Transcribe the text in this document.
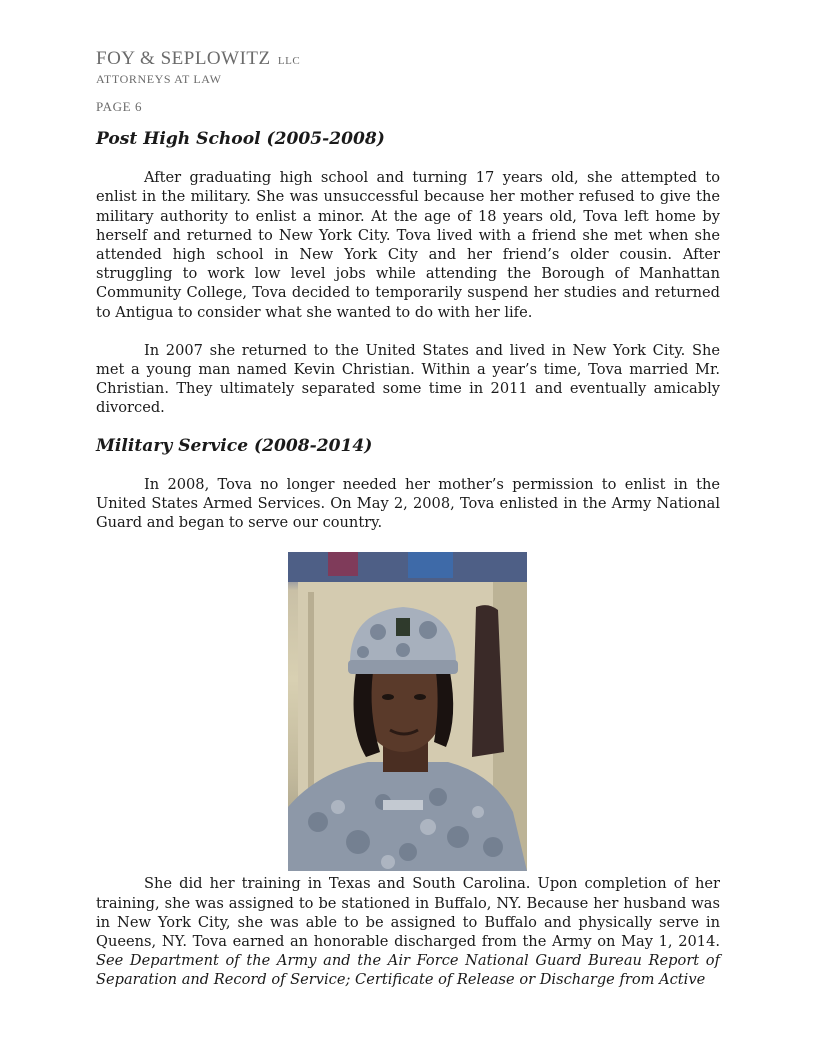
FOY & SEPLOWITZ LLC
ATTORNEYS AT LAW
PAGE 6
Post High School (2005-2008)

After graduating high school and turning 17 years old, she attempted to enlist in the military. She was unsuccessful because her mother refused to give the military authority to enlist a minor. At the age of 18 years old, Tova left home by herself and returned to New York City. Tova lived with a friend she met when she attended high school in New York City and her friend’s older cousin. After struggling to work low level jobs while attending the Borough of Manhattan Community College, Tova decided to temporarily suspend her studies and returned to Antigua to consider what she wanted to do with her life.

In 2007 she returned to the United States and lived in New York City. She met a young man named Kevin Christian. Within a year’s time, Tova married Mr. Christian. They ultimately separated some time in 2011 and eventually amicably divorced.

Military Service (2008-2014)

In 2008, Tova no longer needed her mother’s permission to enlist in the United States Armed Services. On May 2, 2008, Tova enlisted in the Army National Guard and began to serve our country.

She did her training in Texas and South Carolina. Upon completion of her training, she was assigned to be stationed in Buffalo, NY. Because her husband was in New York City, she was able to be assigned to Buffalo and physically serve in Queens, NY. Tova earned an honorable discharged from the Army on May 1, 2014. See Department of the Army and the Air Force National Guard Bureau Report of Separation and Record of Service; Certificate of Release or Discharge from Active
